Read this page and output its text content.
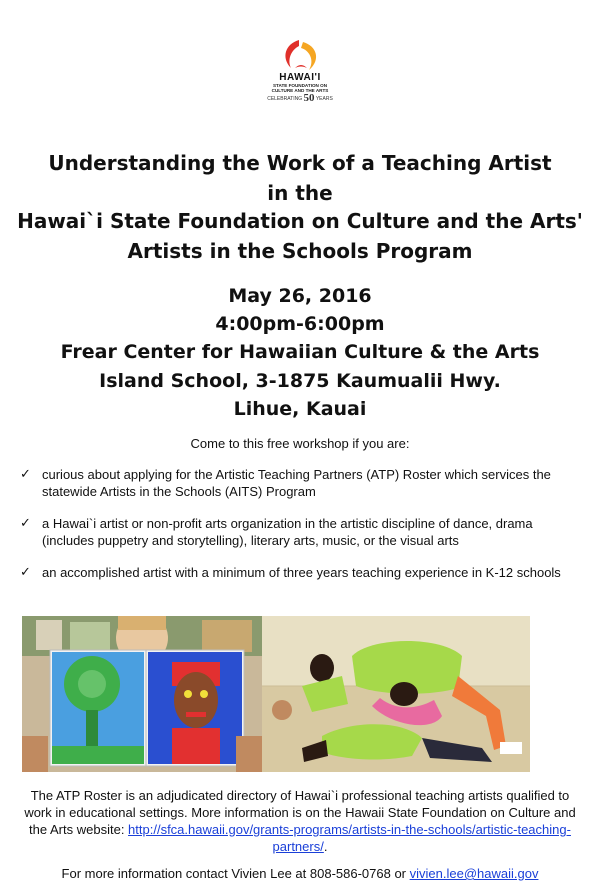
HAWAI'I
STATE FOUNDATION ON
CULTURE AND THE ARTS
CELEBRATING 50 YEARS
Understanding the Work of a Teaching Artist
in the
Hawai`i State Foundation on Culture and the Arts'
Artists in the Schools Program
May 26, 2016
4:00pm-6:00pm
Frear Center for Hawaiian Culture & the Arts
Island School, 3-1875 Kaumualii Hwy.
Lihue, Kauai
Come to this free workshop if you are:
✓ curious about applying for the Artistic Teaching Partners (ATP) Roster which services the statewide Artists in the Schools (AITS) Program
✓ a Hawai`i artist or non-profit arts organization in the artistic discipline of dance, drama (includes puppetry and storytelling), literary arts, music, or the visual arts
✓ an accomplished artist with a minimum of three years teaching experience in K-12 schools
The ATP Roster is an adjudicated directory of Hawai`i professional teaching artists qualified to work in educational settings. More information is on the Hawaii State Foundation on Culture and the Arts website: http://sfca.hawaii.gov/grants-programs/artists-in-the-schools/artistic-teaching-partners/.
For more information contact Vivien Lee at 808-586-0768 or vivien.lee@hawaii.gov
